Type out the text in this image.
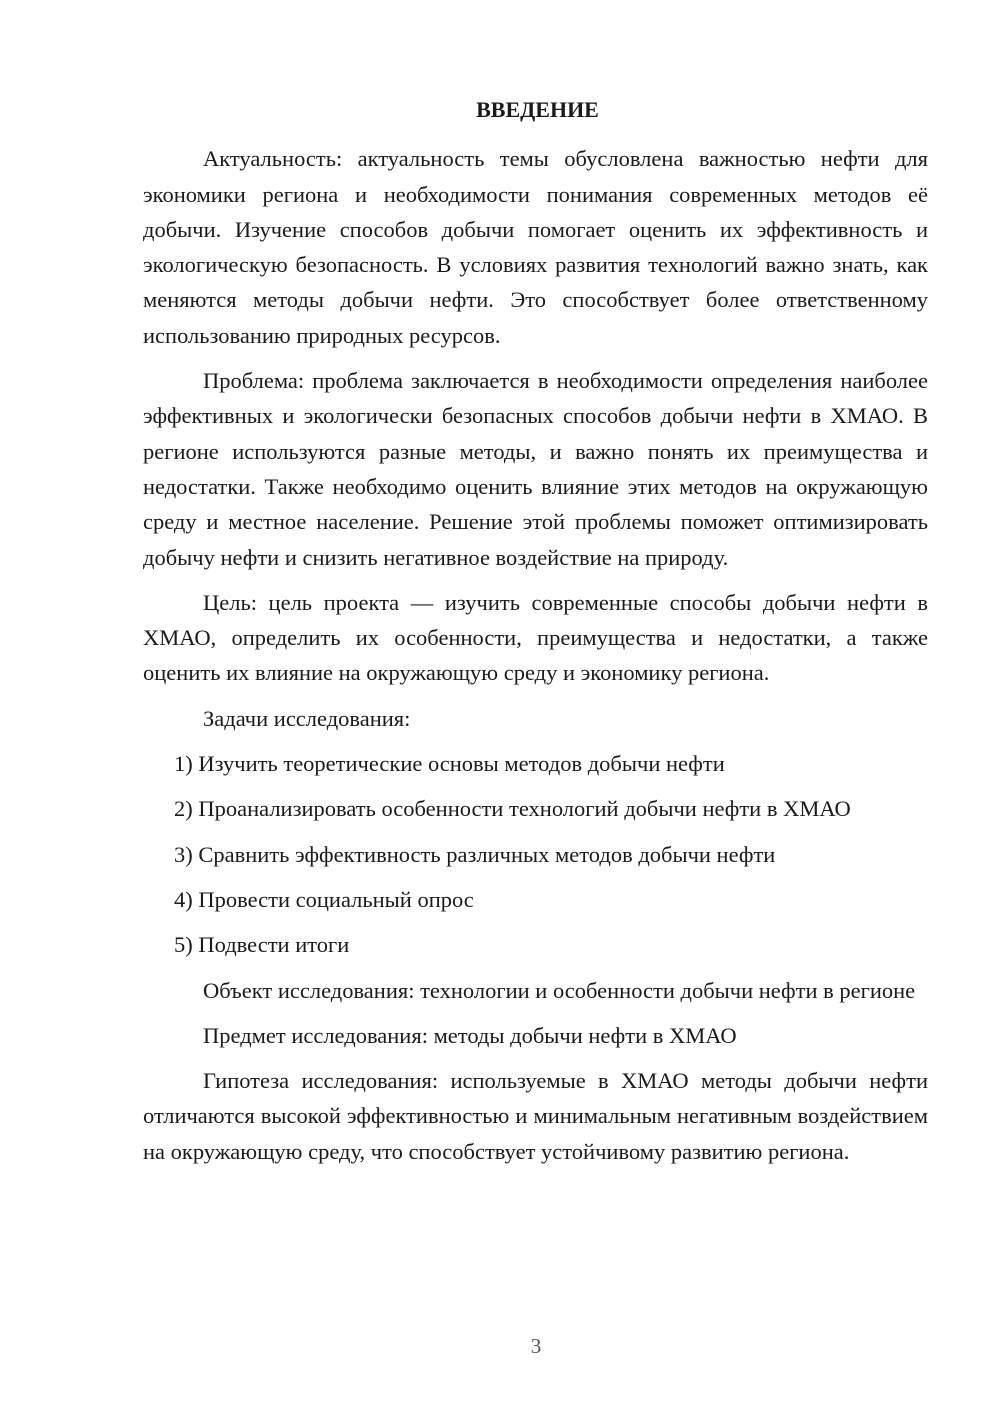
ВВЕДЕНИЕ

Актуальность: актуальность темы обусловлена важностью нефти для экономики региона и необходимости понимания современных методов её добычи. Изучение способов добычи помогает оценить их эффективность и экологическую безопасность. В условиях развития технологий важно знать, как меняются методы добычи нефти. Это способствует более ответственному использованию природных ресурсов.

Проблема: проблема заключается в необходимости определения наиболее эффективных и экологически безопасных способов добычи нефти в ХМАО. В регионе используются разные методы, и важно понять их преимущества и недостатки. Также необходимо оценить влияние этих методов на окружающую среду и местное население. Решение этой проблемы поможет оптимизировать добычу нефти и снизить негативное воздействие на природу.

Цель: цель проекта — изучить современные способы добычи нефти в ХМАО, определить их особенности, преимущества и недостатки, а также оценить их влияние на окружающую среду и экономику региона.

Задачи исследования:

1) Изучить теоретические основы методов добычи нефти
2) Проанализировать особенности технологий добычи нефти в ХМАО
3) Сравнить эффективность различных методов добычи нефти
4) Провести социальный опрос
5) Подвести итоги

Объект исследования: технологии и особенности добычи нефти в регионе

Предмет исследования: методы добычи нефти в ХМАО

Гипотеза исследования: используемые в ХМАО методы добычи нефти отличаются высокой эффективностью и минимальным негативным воздействием на окружающую среду, что способствует устойчивому развитию региона.

3
